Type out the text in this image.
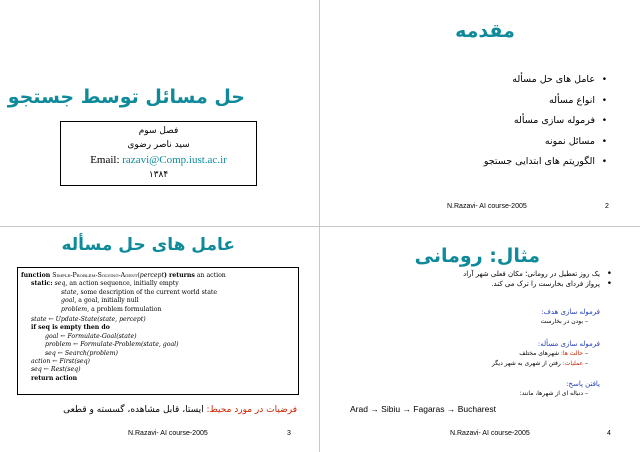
حل مسائل توسط جستجو
فصل سوم
سید ناصر رضوی
Email: razavi@Comp.iust.ac.ir
۱۳۸۴
مقدمه
•
عامل های حل مسأله
•
انواع مسأله
•
فرموله سازی مسأله
•
مسائل نمونه
•
الگوریتم های ابتدایی جستجو
N.Razavi- AI course-2005	2
عامل های حل مسأله
function Simple-Problem-Solving-Agent(percept) returns an action
static: seq, an action sequence, initially empty
state, some description of the current world state
goal, a goal, initially null
problem, a problem formulation
state ← Update-State(state, percept)
if seq is empty then do
goal ← Formulate-Goal(state)
problem ← Formulate-Problem(state, goal)
seq ← Search(problem)
action ← First(seq)
seq ← Rest(seq)
return action
فرضیات در مورد محیط: ایستا، قابل مشاهده، گسسته و قطعی
N.Razavi- AI course-2005	3
مثال: رومانی
•
یک روز تعطیل در رومانی؛ مکان فعلی شهر آراد
•
پرواز فردای بخارست را ترک می کند.
فرموله سازی هدف:
– بودن در بخارست
فرموله سازی مسأله:
– حالت ها: شهرهای مختلف
– عملیات: رفتن از شهری به شهر دیگر
یافتن پاسخ:
– دنباله ای از شهرها، مانند:
Arad → Sibiu → Fagaras → Bucharest
N.Razavi- AI course-2005	4
